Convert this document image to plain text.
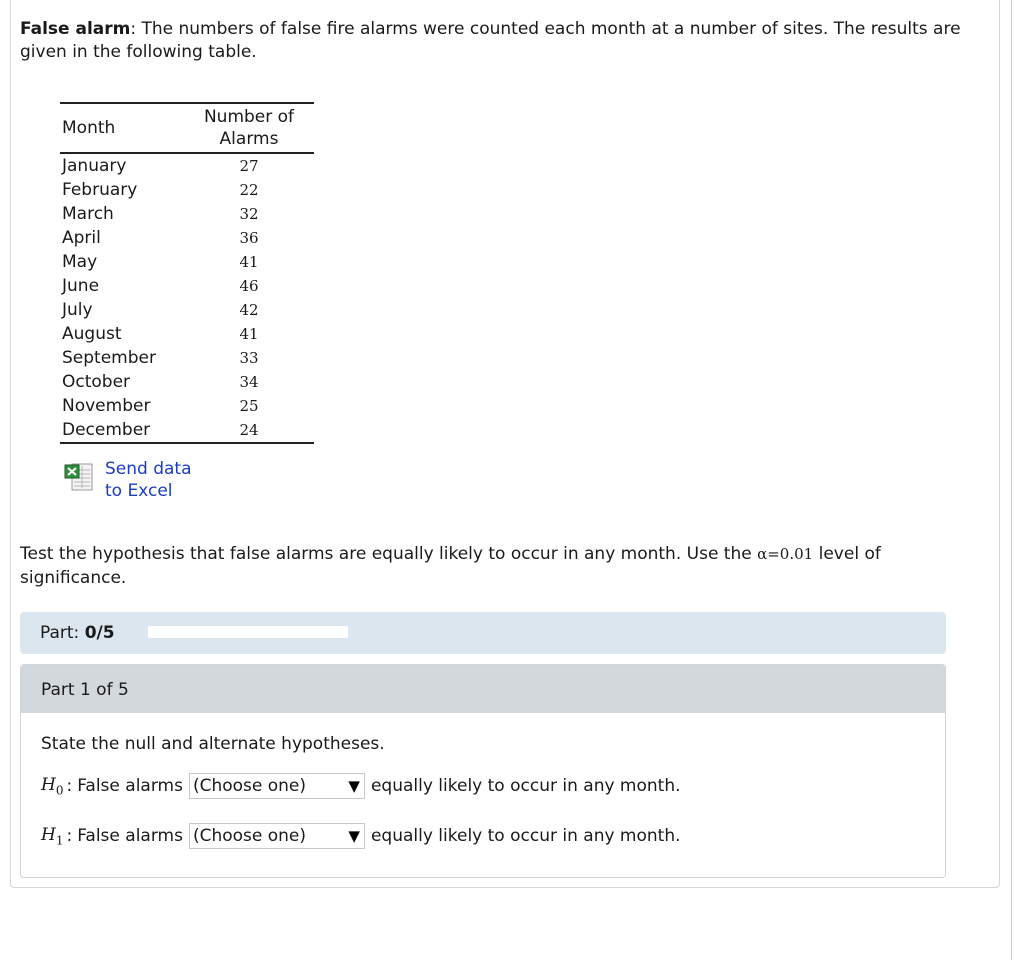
False alarm: The numbers of false fire alarms were counted each month at a number of sites. The results are given in the following table.

Month	Number of Alarms
January	27
February	22
March	32
April	36
May	41
June	46
July	42
August	41
September	33
October	34
November	25
December	24
Send data to Excel

Test the hypothesis that false alarms are equally likely to occur in any month. Use the α=0.01 level of significance.

Part: 0/5
Part 1 of 5
State the null and alternate hypotheses.
$H_0$ : False alarms (Choose one)	▼ equally likely to occur in any month.
$H_1$ : False alarms (Choose one)	▼ equally likely to occur in any month.
